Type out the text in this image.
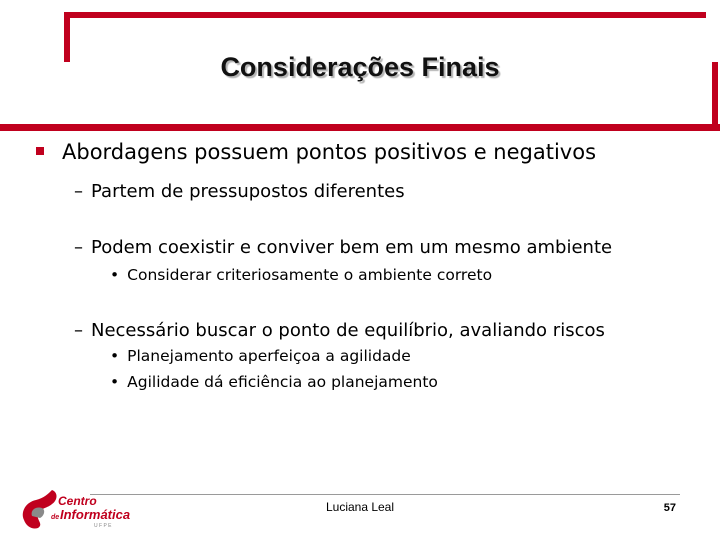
Considerações Finais
Abordagens possuem pontos positivos e negativos
– Partem de pressupostos diferentes
– Podem coexistir e conviver bem em um mesmo ambiente
• Considerar criteriosamente o ambiente correto
– Necessário buscar o ponto de equilíbrio, avaliando riscos
• Planejamento aperfeiçoa a agilidade
• Agilidade dá eficiência ao planejamento
Centro
de Informática
U F P E
Luciana Leal	57
